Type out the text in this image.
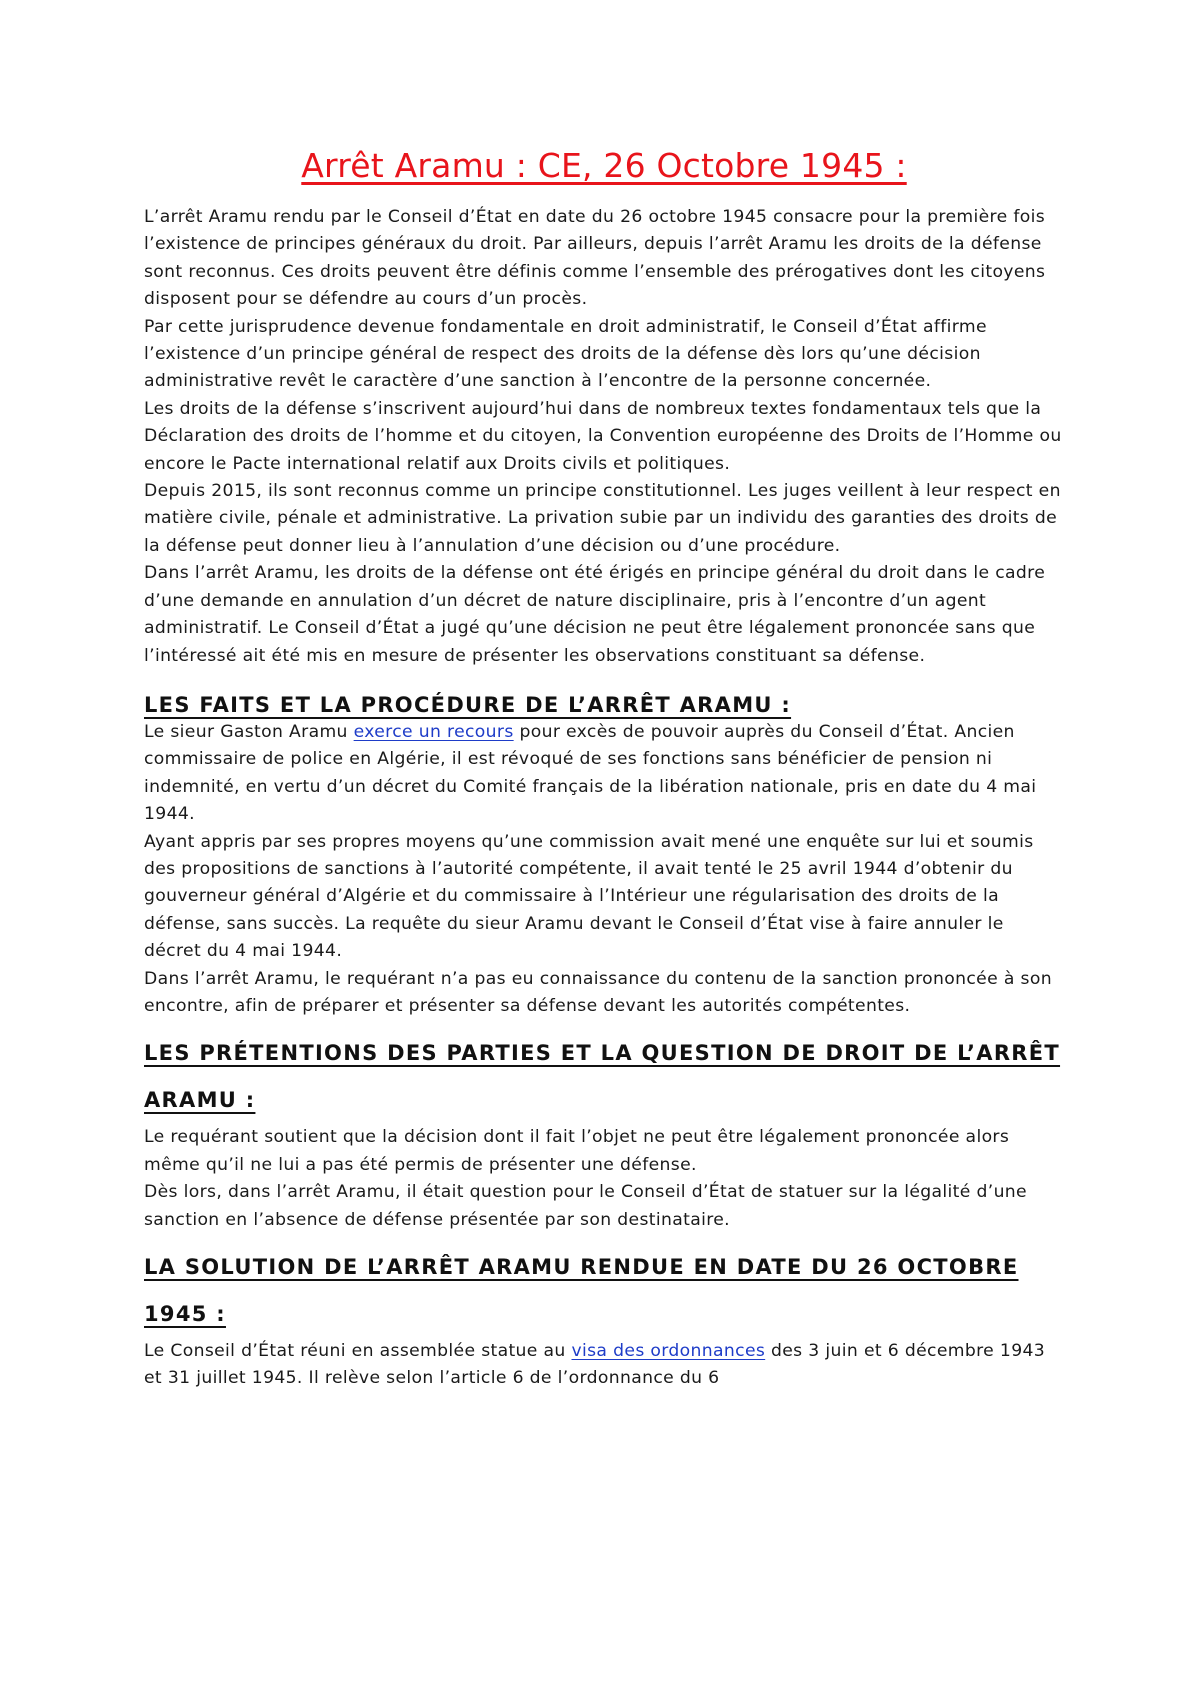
Arrêt Aramu : CE, 26 Octobre 1945 :

L’arrêt Aramu rendu par le Conseil d’État en date du 26 octobre 1945 consacre pour la première fois l’existence de principes généraux du droit. Par ailleurs, depuis l’arrêt Aramu les droits de la défense sont reconnus. Ces droits peuvent être définis comme l’ensemble des prérogatives dont les citoyens disposent pour se défendre au cours d’un procès.

Par cette jurisprudence devenue fondamentale en droit administratif, le Conseil d’État affirme l’existence d’un principe général de respect des droits de la défense dès lors qu’une décision administrative revêt le caractère d’une sanction à l’encontre de la personne concernée.

Les droits de la défense s’inscrivent aujourd’hui dans de nombreux textes fondamentaux tels que la Déclaration des droits de l’homme et du citoyen, la Convention européenne des Droits de l’Homme ou encore le Pacte international relatif aux Droits civils et politiques.

Depuis 2015, ils sont reconnus comme un principe constitutionnel. Les juges veillent à leur respect en matière civile, pénale et administrative. La privation subie par un individu des garanties des droits de la défense peut donner lieu à l’annulation d’une décision ou d’une procédure.

Dans l’arrêt Aramu, les droits de la défense ont été érigés en principe général du droit dans le cadre d’une demande en annulation d’un décret de nature disciplinaire, pris à l’encontre d’un agent administratif. Le Conseil d’État a jugé qu’une décision ne peut être légalement prononcée sans que l’intéressé ait été mis en mesure de présenter les observations constituant sa défense.

LES FAITS ET LA PROCÉDURE DE L’ARRÊT ARAMU :

Le sieur Gaston Aramu exerce un recours pour excès de pouvoir auprès du Conseil d’État. Ancien commissaire de police en Algérie, il est révoqué de ses fonctions sans bénéficier de pension ni indemnité, en vertu d’un décret du Comité français de la libération nationale, pris en date du 4 mai 1944.

Ayant appris par ses propres moyens qu’une commission avait mené une enquête sur lui et soumis des propositions de sanctions à l’autorité compétente, il avait tenté le 25 avril 1944 d’obtenir du gouverneur général d’Algérie et du commissaire à l’Intérieur une régularisation des droits de la défense, sans succès. La requête du sieur Aramu devant le Conseil d’État vise à faire annuler le décret du 4 mai 1944.

Dans l’arrêt Aramu, le requérant n’a pas eu connaissance du contenu de la sanction prononcée à son encontre, afin de préparer et présenter sa défense devant les autorités compétentes.

LES PRÉTENTIONS DES PARTIES ET LA QUESTION DE DROIT DE L’ARRÊT ARAMU :

Le requérant soutient que la décision dont il fait l’objet ne peut être légalement prononcée alors même qu’il ne lui a pas été permis de présenter une défense.

Dès lors, dans l’arrêt Aramu, il était question pour le Conseil d’État de statuer sur la légalité d’une sanction en l’absence de défense présentée par son destinataire.

LA SOLUTION DE L’ARRÊT ARAMU RENDUE EN DATE DU 26 OCTOBRE 1945 :

Le Conseil d’État réuni en assemblée statue au visa des ordonnances des 3 juin et 6 décembre 1943 et 31 juillet 1945. Il relève selon l’article 6 de l’ordonnance du 6
